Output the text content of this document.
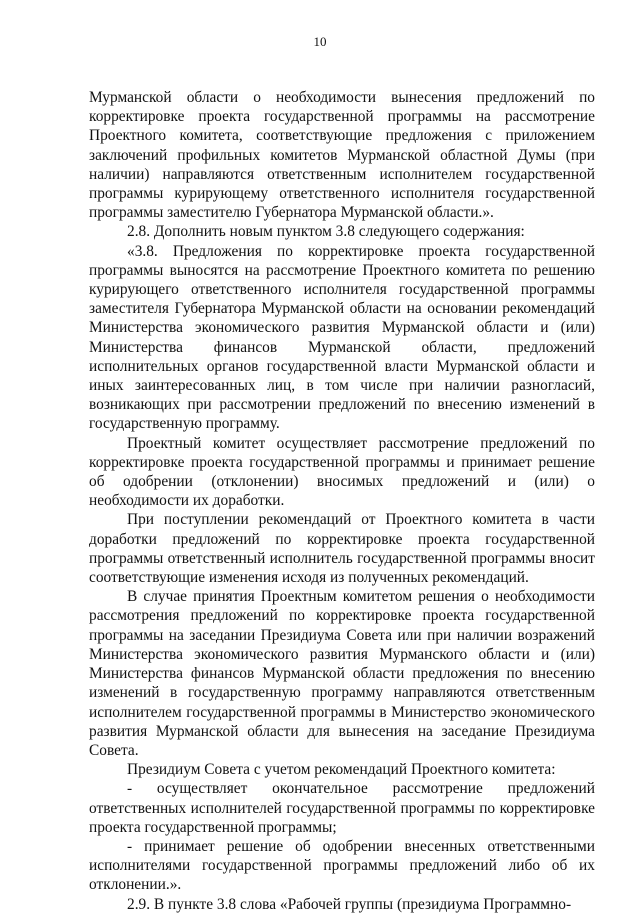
10

Мурманской области о необходимости вынесения предложений по корректировке проекта государственной программы на рассмотрение Проектного комитета, соответствующие предложения с приложением заключений профильных комитетов Мурманской областной Думы (при наличии) направляются ответственным исполнителем государственной программы курирующему ответственного исполнителя государственной программы заместителю Губернатора Мурманской области.».

2.8. Дополнить новым пунктом 3.8 следующего содержания:

«3.8. Предложения по корректировке проекта государственной программы выносятся на рассмотрение Проектного комитета по решению курирующего ответственного исполнителя государственной программы заместителя Губернатора Мурманской области на основании рекомендаций Министерства экономического развития Мурманской области и (или) Министерства финансов Мурманской области, предложений исполнительных органов государственной власти Мурманской области и иных заинтересованных лиц, в том числе при наличии разногласий, возникающих при рассмотрении предложений по внесению изменений в государственную программу.

Проектный комитет осуществляет рассмотрение предложений по корректировке проекта государственной программы и принимает решение об одобрении (отклонении) вносимых предложений и (или) о необходимости их доработки.

При поступлении рекомендаций от Проектного комитета в части доработки предложений по корректировке проекта государственной программы ответственный исполнитель государственной программы вносит соответствующие изменения исходя из полученных рекомендаций.

В случае принятия Проектным комитетом решения о необходимости рассмотрения предложений по корректировке проекта государственной программы на заседании Президиума Совета или при наличии возражений Министерства экономического развития Мурманского области и (или) Министерства финансов Мурманской области предложения по внесению изменений в государственную программу направляются ответственным исполнителем государственной программы в Министерство экономического развития Мурманской области для вынесения на заседание Президиума Совета.

Президиум Совета с учетом рекомендаций Проектного комитета:

- осуществляет окончательное рассмотрение предложений ответственных исполнителей государственной программы по корректировке проекта государственной программы;

- принимает решение об одобрении внесенных ответственными исполнителями государственной программы предложений либо об их отклонении.».

2.9. В пункте 3.8 слова «Рабочей группы (президиума Программно-
